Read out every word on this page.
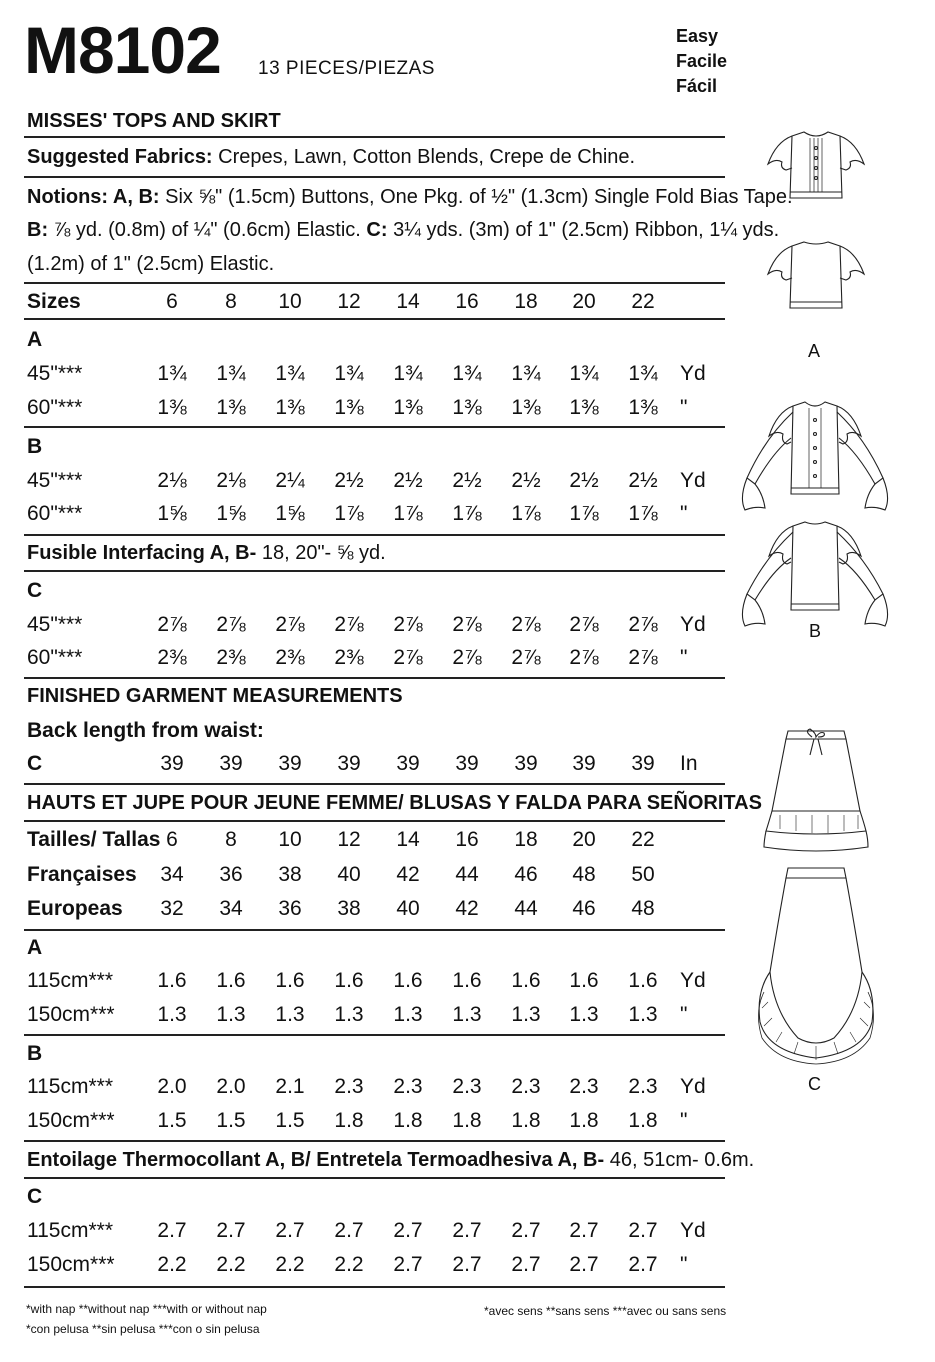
M8102 13 PIECES/PIEZAS
Easy
Facile
Fácil
MISSES' TOPS AND SKIRT
Suggested Fabrics: Crepes, Lawn, Cotton Blends, Crepe de Chine.
Notions: A, B: Six ⅝" (1.5cm) Buttons, One Pkg. of ½" (1.3cm) Single Fold Bias Tape.
B: ⅞ yd. (0.8m) of ¼" (0.6cm) Elastic. C: 3¼ yds. (3m) of 1" (2.5cm) Ribbon, 1¼ yds.
(1.2m) of 1" (2.5cm) Elastic.
Sizes	6	8	10	12	14	16	18	20	22
A
45"***	1¾	1¾	1¾	1¾	1¾	1¾	1¾	1¾	1¾	Yd
60"***	1⅜	1⅜	1⅜	1⅜	1⅜	1⅜	1⅜	1⅜	1⅜	"
B
45"***	2⅛	2⅛	2¼	2½	2½	2½	2½	2½	2½	Yd
60"***	1⅝	1⅝	1⅝	1⅞	1⅞	1⅞	1⅞	1⅞	1⅞	"
Fusible Interfacing A, B- 18, 20"- ⅝ yd.
C
45"***	2⅞	2⅞	2⅞	2⅞	2⅞	2⅞	2⅞	2⅞	2⅞	Yd
60"***	2⅜	2⅜	2⅜	2⅜	2⅞	2⅞	2⅞	2⅞	2⅞	"
FINISHED GARMENT MEASUREMENTS
Back length from waist:
C	39	39	39	39	39	39	39	39	39	In
HAUTS ET JUPE POUR JEUNE FEMME/ BLUSAS Y FALDA PARA SEÑORITAS
Tailles/ Tallas 6	8	10	12	14	16	18	20	22
Françaises	34	36	38	40	42	44	46	48	50
Europeas	32	34	36	38	40	42	44	46	48
A
115cm***	1.6	1.6	1.6	1.6	1.6	1.6	1.6	1.6	1.6	Yd
150cm***	1.3	1.3	1.3	1.3	1.3	1.3	1.3	1.3	1.3	"
B
115cm***	2.0	2.0	2.1	2.3	2.3	2.3	2.3	2.3	2.3	Yd
150cm***	1.5	1.5	1.5	1.8	1.8	1.8	1.8	1.8	1.8	"
Entoilage Thermocollant A, B/ Entretela Termoadhesiva A, B- 46, 51cm- 0.6m.
C
115cm***	2.7	2.7	2.7	2.7	2.7	2.7	2.7	2.7	2.7	Yd
150cm***	2.2	2.2	2.2	2.2	2.7	2.7	2.7	2.7	2.7	"
*with nap **without nap ***with or without nap
*con pelusa **sin pelusa ***con o sin pelusa
*avec sens **sans sens ***avec ou sans sens
A
B
C
